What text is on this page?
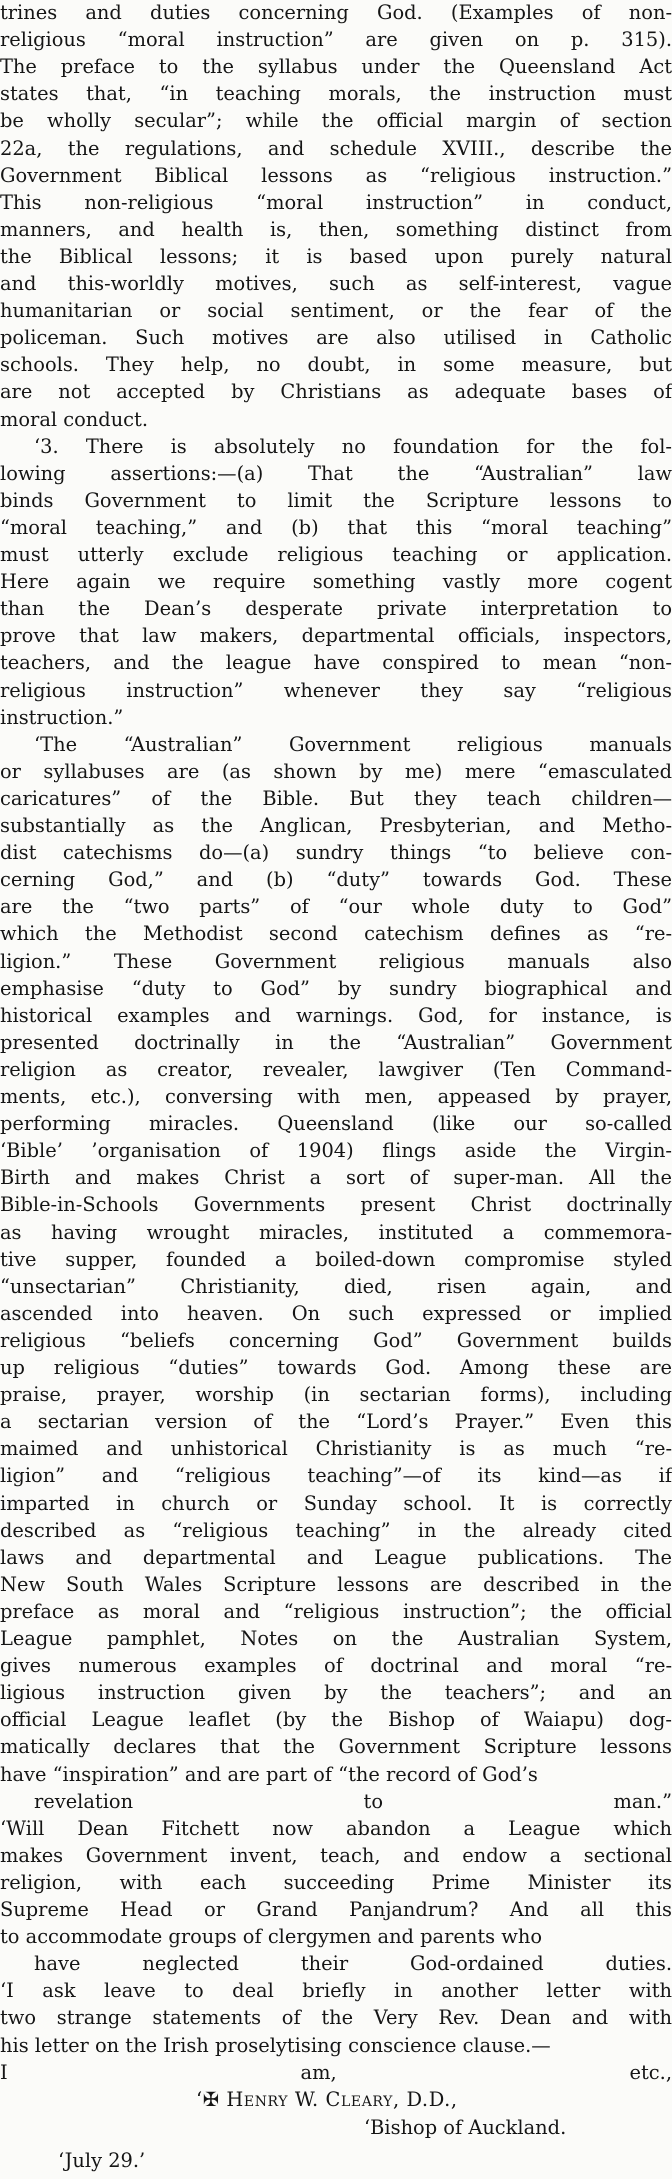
trines and duties concerning God. (Examples of non-
religious “moral instruction” are given on p. 315).
The preface to the syllabus under the Queensland Act
states that, “in teaching morals, the instruction must
be wholly secular”; while the official margin of section
22a, the regulations, and schedule XVIII., describe the
Government Biblical lessons as “religious instruction.”
This non-religious “moral instruction” in conduct,
manners, and health is, then, something distinct from
the Biblical lessons; it is based upon purely natural
and this-worldly motives, such as self-interest, vague
humanitarian or social sentiment, or the fear of the
policeman. Such motives are also utilised in Catholic
schools. They help, no doubt, in some measure, but
are not accepted by Christians as adequate bases of
moral conduct.
‘3. There is absolutely no foundation for the fol-
lowing assertions:—(a) That the “Australian” law
binds Government to limit the Scripture lessons to
“moral teaching,” and (b) that this “moral teaching”
must utterly exclude religious teaching or application.
Here again we require something vastly more cogent
than the Dean’s desperate private interpretation to
prove that law makers, departmental officials, inspectors,
teachers, and the league have conspired to mean “non-
religious instruction” whenever they say “religious
instruction.”
‘The “Australian” Government religious manuals
or syllabuses are (as shown by me) mere “emasculated
caricatures” of the Bible. But they teach children—
substantially as the Anglican, Presbyterian, and Metho-
dist catechisms do—(a) sundry things “to believe con-
cerning God,” and (b) “duty” towards God. These
are the “two parts” of “our whole duty to God”
which the Methodist second catechism defines as “re-
ligion.” These Government religious manuals also
emphasise “duty to God” by sundry biographical and
historical examples and warnings. God, for instance, is
presented doctrinally in the “Australian” Government
religion as creator, revealer, lawgiver (Ten Command-
ments, etc.), conversing with men, appeased by prayer,
performing miracles. Queensland (like our so-called
‘Bible’ ’organisation of 1904) flings aside the Virgin-
Birth and makes Christ a sort of super-man. All the
Bible-in-Schools Governments present Christ doctrinally
as having wrought miracles, instituted a commemora-
tive supper, founded a boiled-down compromise styled
“unsectarian” Christianity, died, risen again, and
ascended into heaven. On such expressed or implied
religious “beliefs concerning God” Government builds
up religious “duties” towards God. Among these are
praise, prayer, worship (in sectarian forms), including
a sectarian version of the “Lord’s Prayer.” Even this
maimed and unhistorical Christianity is as much “re-
ligion” and “religious teaching”—of its kind—as if
imparted in church or Sunday school. It is correctly
described as “religious teaching” in the already cited
laws and departmental and League publications. The
New South Wales Scripture lessons are described in the
preface as moral and “religious instruction”; the official
League pamphlet, Notes on the Australian System,
gives numerous examples of doctrinal and moral “re-
ligious instruction given by the teachers”; and an
official League leaflet (by the Bishop of Waiapu) dog-
matically declares that the Government Scripture lessons
have “inspiration” and are part of “the record of God’s
revelation to man.”
‘Will Dean Fitchett now abandon a League which
makes Government invent, teach, and endow a sectional
religion, with each succeeding Prime Minister its
Supreme Head or Grand Panjandrum? And all this
to accommodate groups of clergymen and parents who
have neglected their God-ordained duties.
‘I ask leave to deal briefly in another letter with
two strange statements of the Very Rev. Dean and with
his letter on the Irish proselytising conscience clause.—
I am, etc.,
‘✠ Henry W. Cleary, D.D.,
‘Bishop of Auckland.
‘July 29.’
